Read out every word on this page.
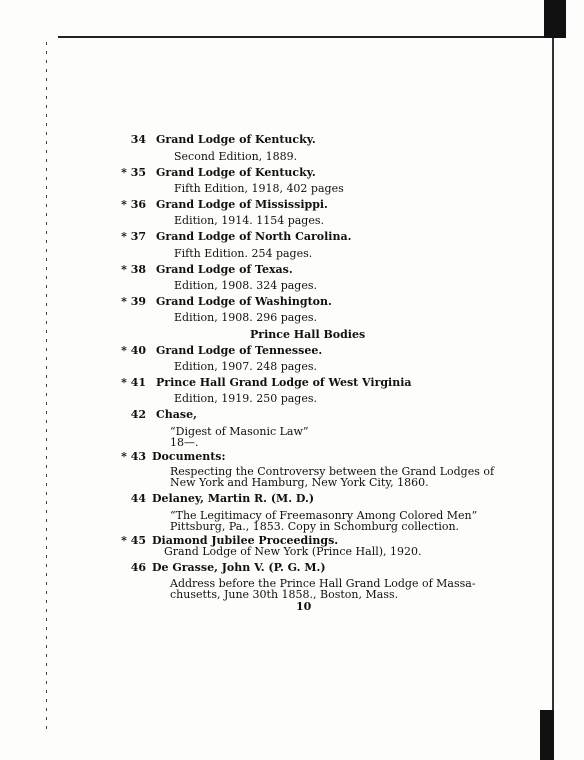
34 Grand Lodge of Kentucky.
Second Edition, 1889.
* 35 Grand Lodge of Kentucky.
Fifth Edition, 1918, 402 pages
* 36 Grand Lodge of Mississippi.
Edition, 1914. 1154 pages.
* 37 Grand Lodge of North Carolina.
Fifth Edition. 254 pages.
* 38 Grand Lodge of Texas.
Edition, 1908. 324 pages.
* 39 Grand Lodge of Washington.
Edition, 1908. 296 pages.
Prince Hall Bodies
* 40 Grand Lodge of Tennessee.
Edition, 1907. 248 pages.
* 41 Prince Hall Grand Lodge of West Virginia
Edition, 1919. 250 pages.
42 Chase,
“Digest of Masonic Law”
18—.
* 43 Documents:
Respecting the Controversy between the Grand Lodges of
New York and Hamburg, New York City, 1860.
44 Delaney, Martin R. (M. D.)
“The Legitimacy of Freemasonry Among Colored Men”
Pittsburg, Pa., 1853. Copy in Schomburg collection.
* 45 Diamond Jubilee Proceedings.
Grand Lodge of New York (Prince Hall), 1920.
46 De Grasse, John V. (P. G. M.)
Address before the Prince Hall Grand Lodge of Massa-
chusetts, June 30th 1858., Boston, Mass.
10
